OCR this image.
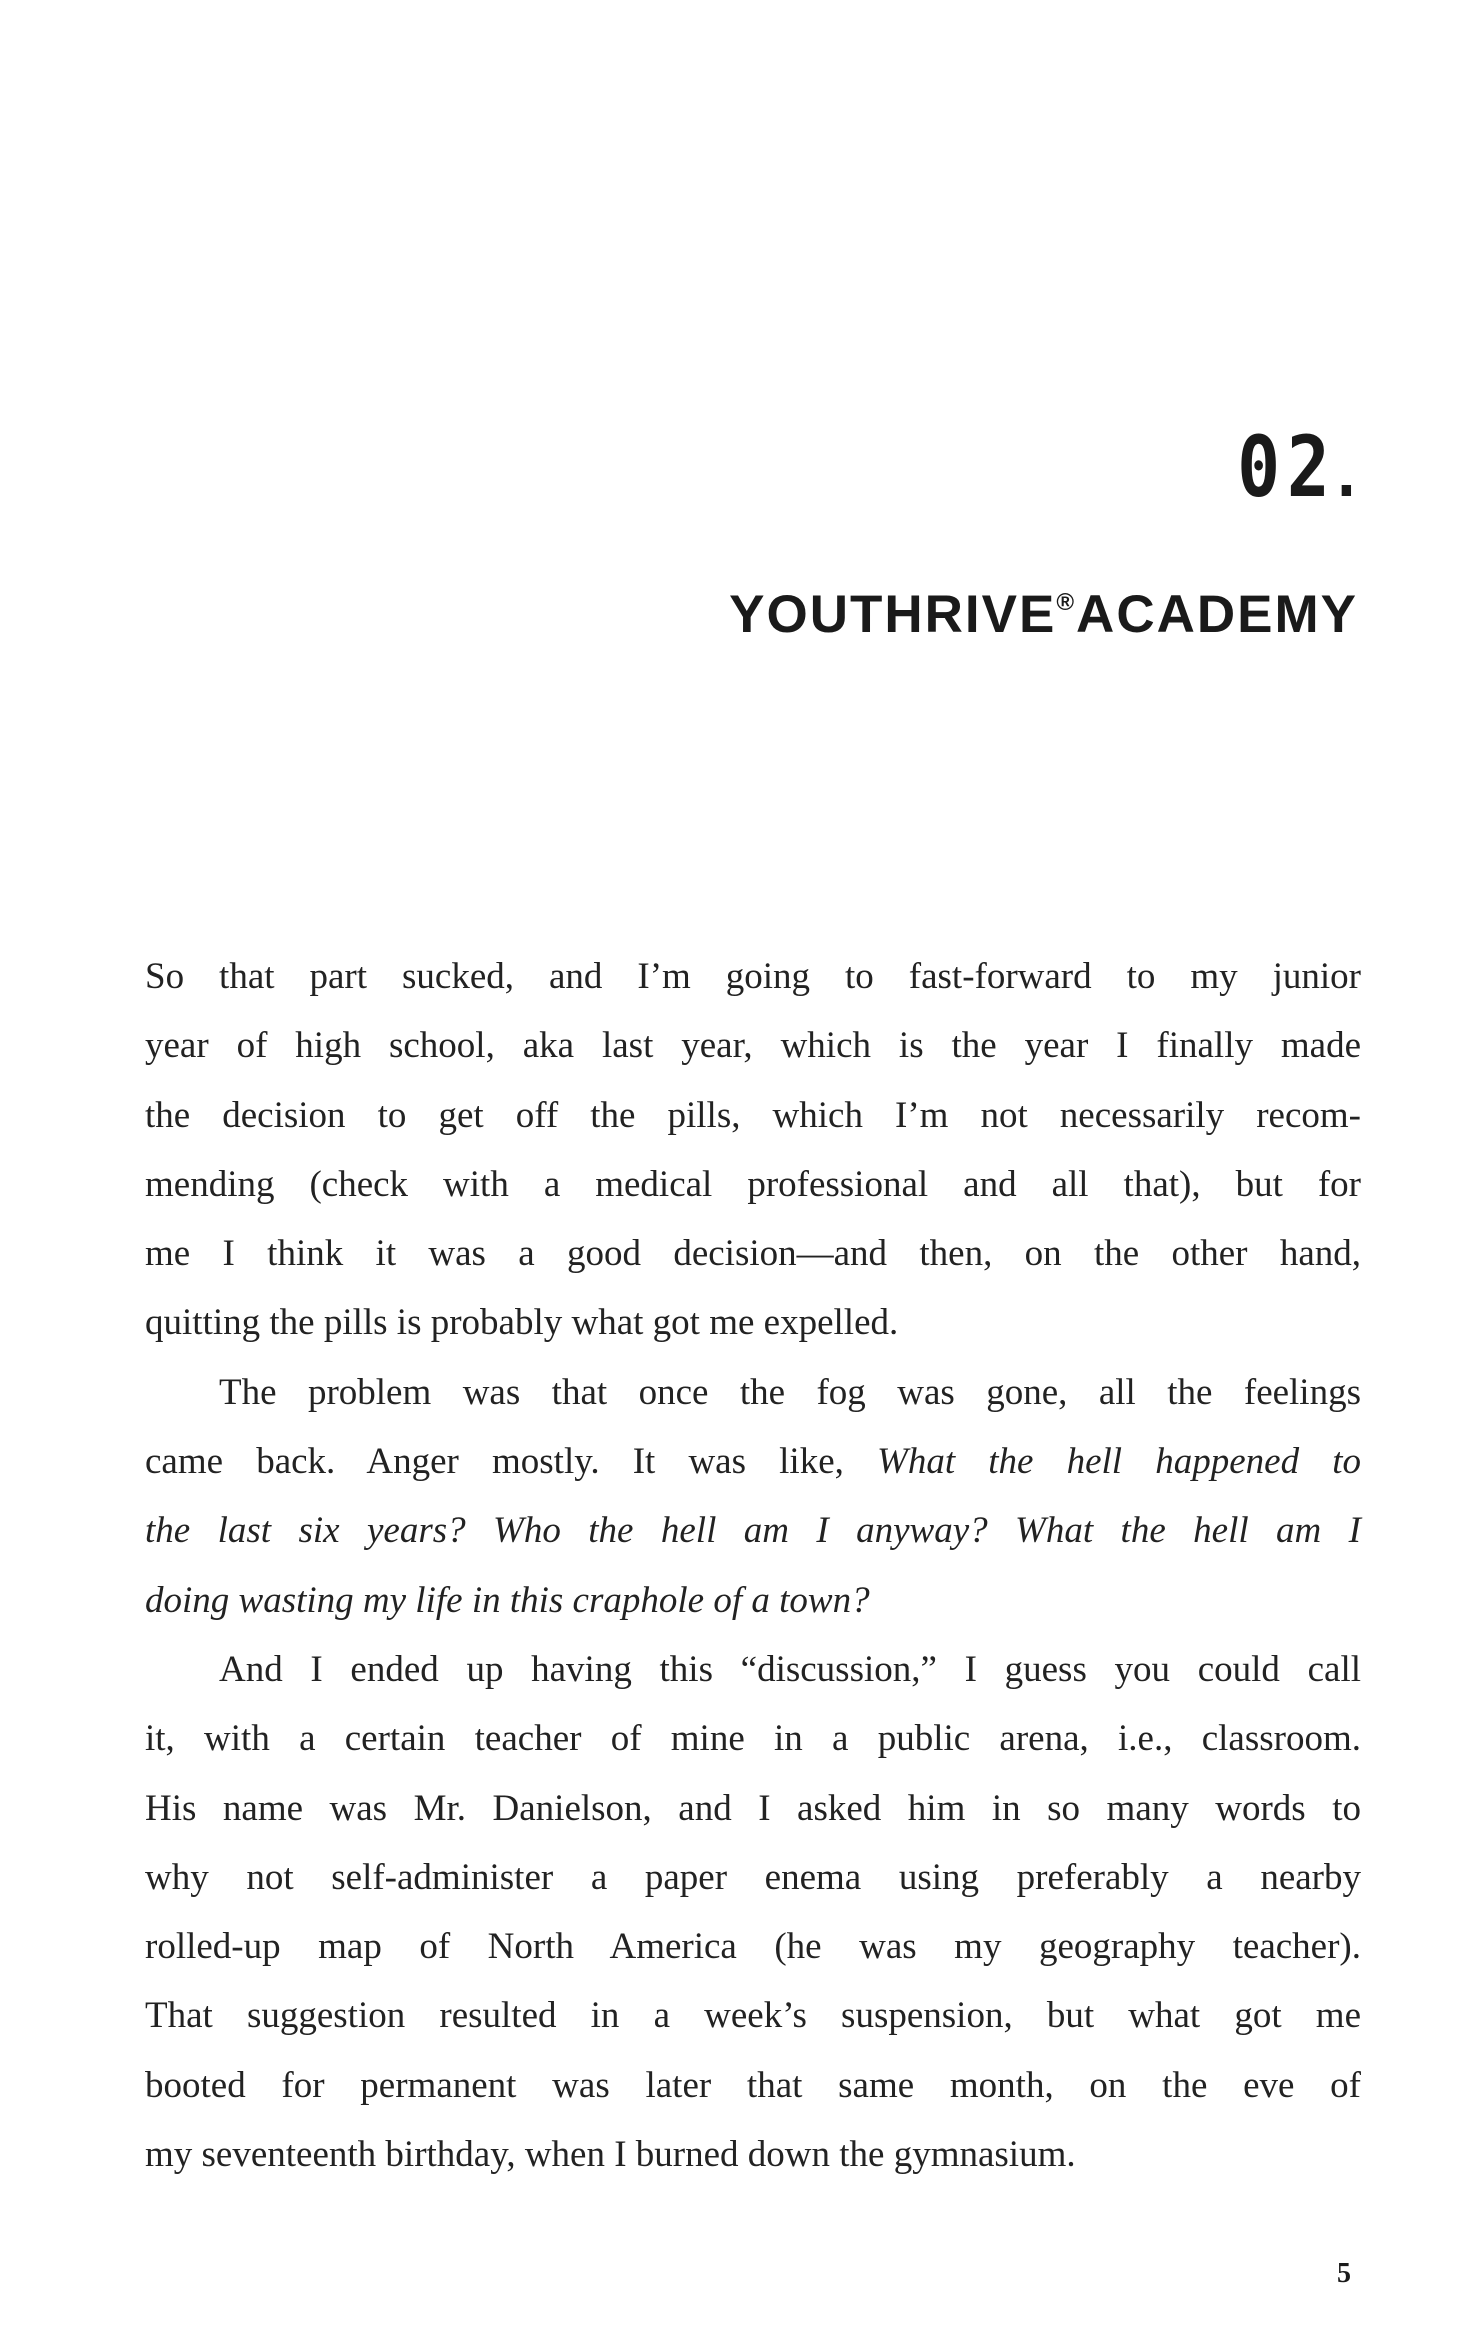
02
YOUTHRIVE®ACADEMY
So that part sucked, and I’m going to fast-forward to my junior
year of high school, aka last year, which is the year I finally made
the decision to get off the pills, which I’m not necessarily recom-
mending (check with a medical professional and all that), but for
me I think it was a good decision—and then, on the other hand,
quitting the pills is probably what got me expelled.
The problem was that once the fog was gone, all the feelings
came back. Anger mostly. It was like, What the hell happened to
the last six years? Who the hell am I anyway? What the hell am I
doing wasting my life in this craphole of a town?
And I ended up having this “discussion,” I guess you could call
it, with a certain teacher of mine in a public arena, i.e., classroom.
His name was Mr. Danielson, and I asked him in so many words to
why not self-administer a paper enema using preferably a nearby
rolled-up map of North America (he was my geography teacher).
That suggestion resulted in a week’s suspension, but what got me
booted for permanent was later that same month, on the eve of
my seventeenth birthday, when I burned down the gymnasium.
5
